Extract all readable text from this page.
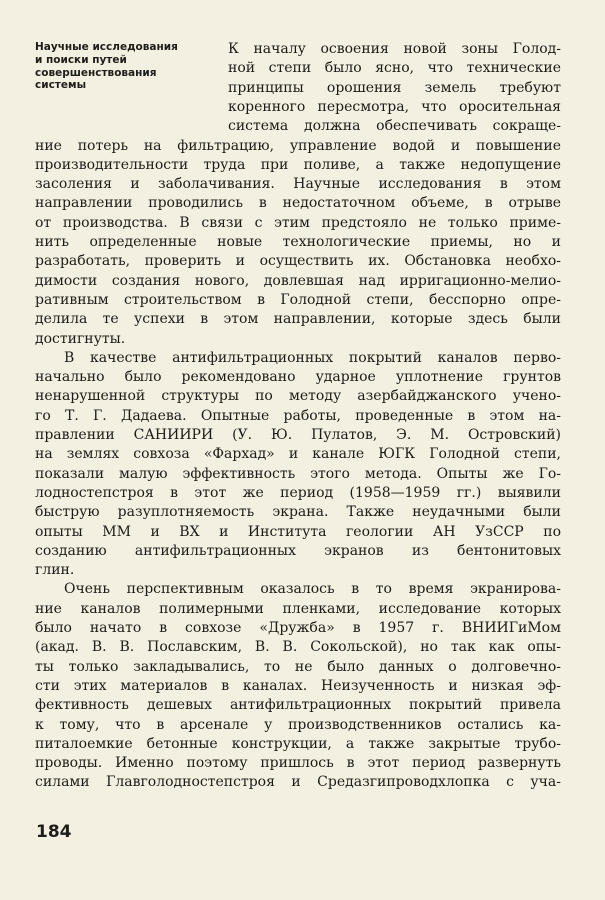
Научные исследования
и поиски путей
совершенствования
системы
К началу освоения новой зоны Голод-
ной степи было ясно, что технические
принципы орошения земель требуют
коренного пересмотра, что оросительная
система должна обеспечивать сокраще-
ние потерь на фильтрацию, управление водой и повышение
производительности труда при поливе, а также недопущение
засоления и заболачивания. Научные исследования в этом
направлении проводились в недостаточном объеме, в отрыве
от производства. В связи с этим предстояло не только приме-
нить определенные новые технологические приемы, но и
разработать, проверить и осуществить их. Обстановка необхо-
димости создания нового, довлевшая над ирригационно-мелио-
ративным строительством в Голодной степи, бесспорно опре-
делила те успехи в этом направлении, которые здесь были
достигнуты.
В качестве антифильтрационных покрытий каналов перво-
начально было рекомендовано ударное уплотнение грунтов
ненарушенной структуры по методу азербайджанского учено-
го Т. Г. Дадаева. Опытные работы, проведенные в этом на-
правлении САНИИРИ (У. Ю. Пулатов, Э. М. Островский)
на землях совхоза «Фархад» и канале ЮГК Голодной степи,
показали малую эффективность этого метода. Опыты же Го-
лодностепстроя в этот же период (1958—1959 гг.) выявили
быструю разуплотняемость экрана. Также неудачными были
опыты ММ и ВХ и Института геологии АН УзССР по
созданию антифильтрационных экранов из бентонитовых
глин.
Очень перспективным оказалось в то время экранирова-
ние каналов полимерными пленками, исследование которых
было начато в совхозе «Дружба» в 1957 г. ВНИИГиМом
(акад. В. В. Пославским, В. В. Сокольской), но так как опы-
ты только закладывались, то не было данных о долговечно-
сти этих материалов в каналах. Неизученность и низкая эф-
фективность дешевых антифильтрационных покрытий привела
к тому, что в арсенале у производственников остались ка-
питалоемкие бетонные конструкции, а также закрытые трубо-
проводы. Именно поэтому пришлось в этот период развернуть
силами Главголодностепстроя и Средазгипроводхлопка с уча-
184
